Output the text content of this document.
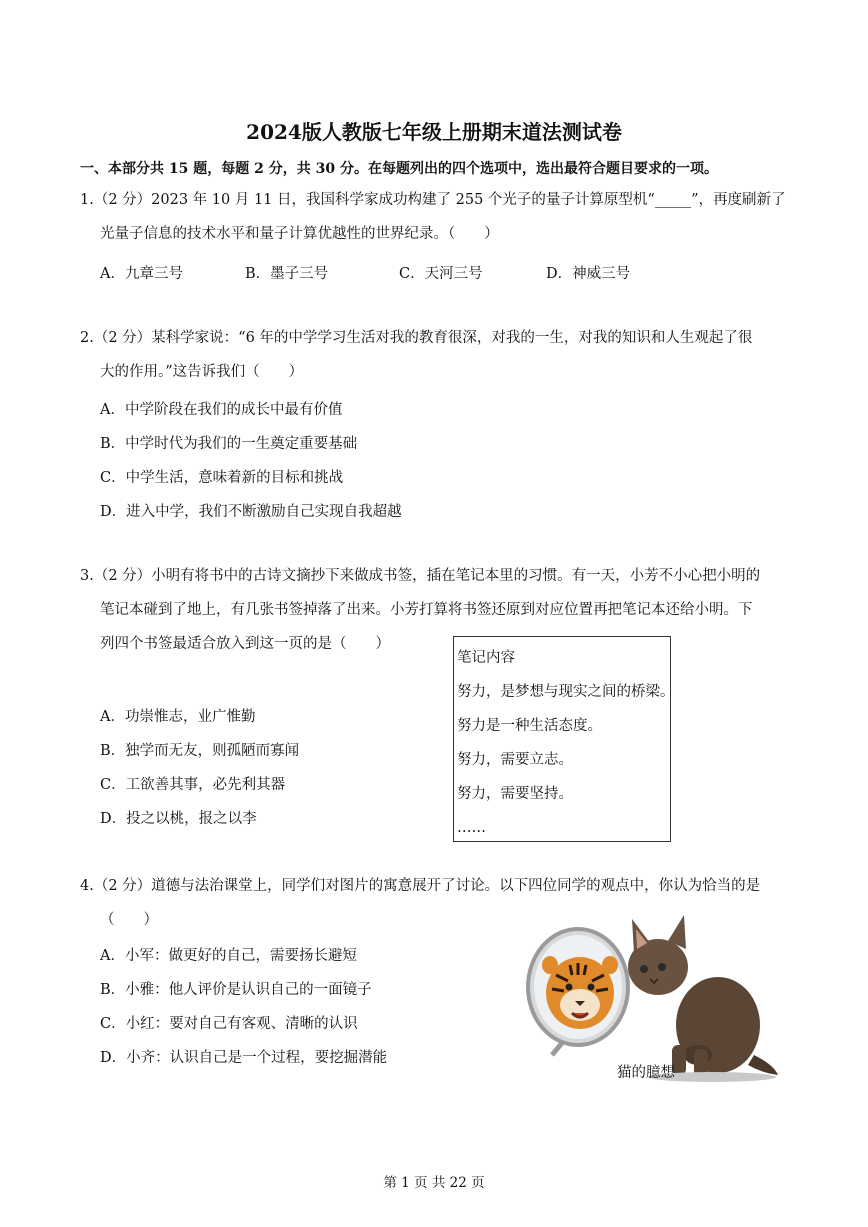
2024版人教版七年级上册期末道法测试卷
一、本部分共 15 题，每题 2 分，共 30 分。在每题列出的四个选项中，选出最符合题目要求的一项。
1.（2 分）2023 年 10 月 11 日，我国科学家成功构建了 255 个光子的量子计算原型机“_____”，再度刷新了
光量子信息的技术水平和量子计算优越性的世界纪录。（　　）
A．九章三号	B．墨子三号	C．天河三号	D．神威三号
2.（2 分）某科学家说：“6 年的中学学习生活对我的教育很深，对我的一生，对我的知识和人生观起了很
大的作用。”这告诉我们（　　）
A．中学阶段在我们的成长中最有价值
B．中学时代为我们的一生奠定重要基础
C．中学生活，意味着新的目标和挑战
D．进入中学，我们不断激励自己实现自我超越
3.（2 分）小明有将书中的古诗文摘抄下来做成书签，插在笔记本里的习惯。有一天，小芳不小心把小明的
笔记本碰到了地上，有几张书签掉落了出来。小芳打算将书签还原到对应位置再把笔记本还给小明。下
列四个书签最适合放入到这一页的是（　　）
笔记内容
努力，是梦想与现实之间的桥梁。
努力是一种生活态度。
努力，需要立志。
努力，需要坚持。
……
A．功崇惟志，业广惟勤
B．独学而无友，则孤陋而寡闻
C．工欲善其事，必先利其器
D．投之以桃，报之以李
4.（2 分）道德与法治课堂上，同学们对图片的寓意展开了讨论。以下四位同学的观点中，你认为恰当的是
（　　）
A．小军：做更好的自己，需要扬长避短
B．小雅：他人评价是认识自己的一面镜子
C．小红：要对自己有客观、清晰的认识
D．小齐：认识自己是一个过程，要挖掘潜能
猫的臆想
第 1 页 共 22 页
